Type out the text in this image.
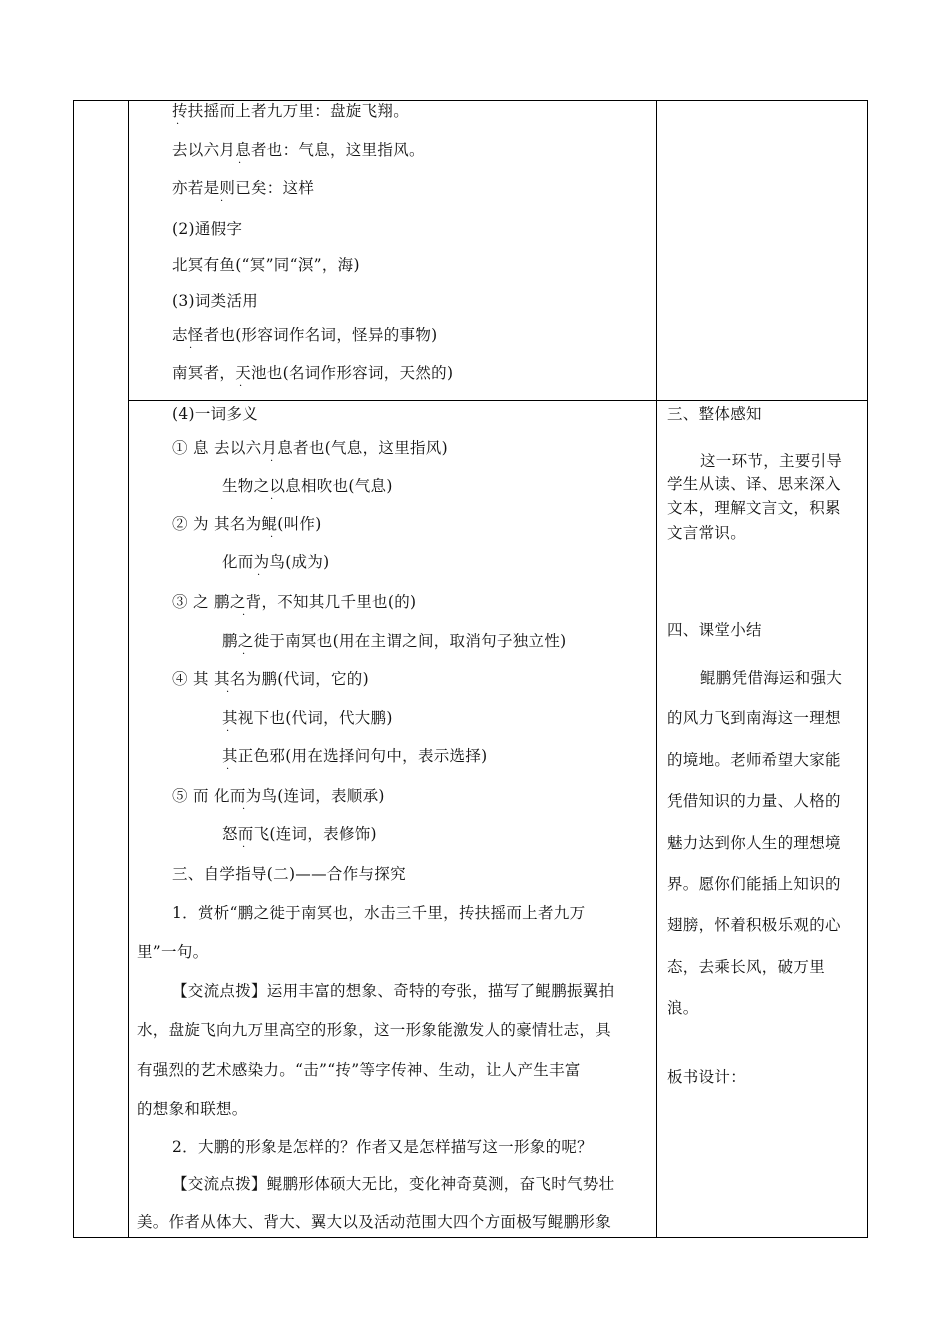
抟扶摇而上者九万里：盘旋飞翔。
去以六月息者也：气息，这里指风。
亦若是则已矣：这样
(2)通假字
北冥有鱼(“冥”同“溟”，海)
(3)词类活用
志怪者也(形容词作名词，怪异的事物)
南冥者，天池也(名词作形容词，天然的)
·
·
·
·
·
(4)一词多义
① 息 去以六月息者也(气息，这里指风)
生物之以息相吹也(气息)
② 为 其名为鲲(叫作)
化而为鸟(成为)
③ 之 鹏之背，不知其几千里也(的)
鹏之徙于南冥也(用在主谓之间，取消句子独立性)
④ 其 其名为鹏(代词，它的)
其视下也(代词，代大鹏)
其正色邪(用在选择问句中，表示选择)
⑤ 而 化而为鸟(连词，表顺承)
怒而飞(连词，表修饰)
三、自学指导(二)——合作与探究
1．赏析“鹏之徙于南冥也，水击三千里，抟扶摇而上者九万
里”一句。
【交流点拨】运用丰富的想象、奇特的夸张，描写了鲲鹏振翼拍
水，盘旋飞向九万里高空的形象，这一形象能激发人的豪情壮志，具
有强烈的艺术感染力。“击”“抟”等字传神、生动，让人产生丰富
的想象和联想。
2．大鹏的形象是怎样的？作者又是怎样描写这一形象的呢？
【交流点拨】鲲鹏形体硕大无比，变化神奇莫测，奋飞时气势壮
美。作者从体大、背大、翼大以及活动范围大四个方面极写鲲鹏形象
·
·
·
·
·
·
·
·
·
·
·
三、整体感知
这一环节，主要引导
学生从读、译、思来深入
文本，理解文言文，积累
文言常识。
四、课堂小结
鲲鹏凭借海运和强大
的风力飞到南海这一理想
的境地。老师希望大家能
凭借知识的力量、人格的
魅力达到你人生的理想境
界。愿你们能插上知识的
翅膀，怀着积极乐观的心
态，去乘长风，破万里
浪。
板书设计：
